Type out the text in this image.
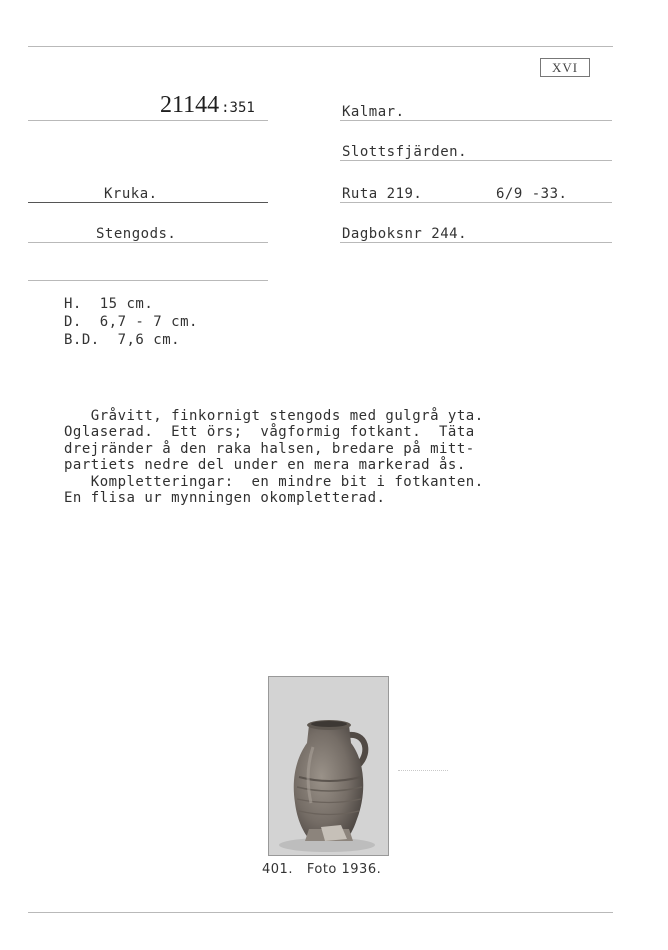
XVI
21144 :351	Kalmar.
Slottsfjärden.
Ruta 219.	6/9 -33.
Dagboksnr 244.
Kruka.
Stengods.
H.  15 cm.
D.  6,7 - 7 cm.
B.D.  7,6 cm.
Gråvitt, finkornigt stengods med gulgrå yta.
Oglaserad.  Ett örs;  vågformig fotkant.  Täta
drejränder å den raka halsen, bredare på mitt-
partiets nedre del under en mera markerad ås.
Kompletteringar:  en mindre bit i fotkanten.
En flisa ur mynningen okompletterad.
401. Foto 1936.
